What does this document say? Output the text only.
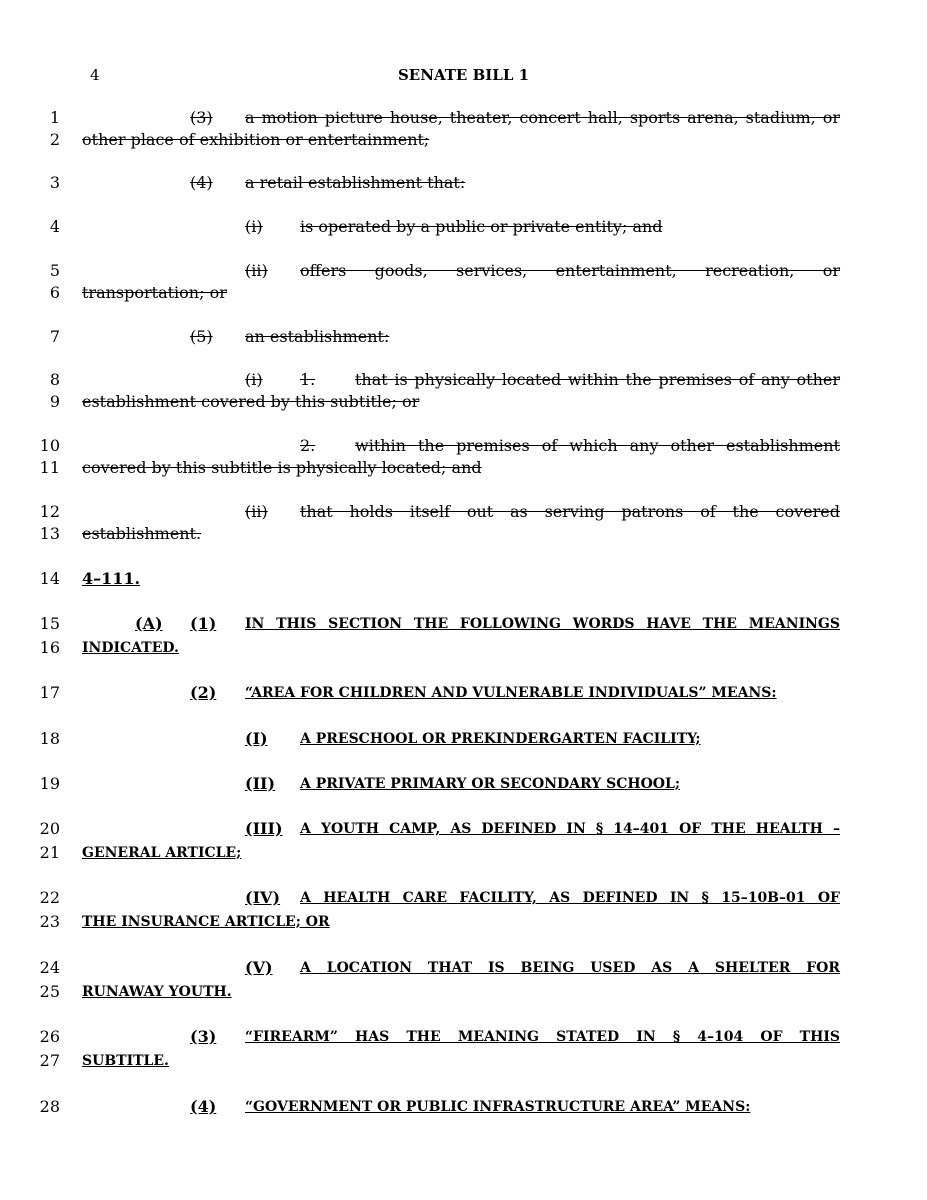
4	SENATE BILL 1
1	(3) a motion picture house, theater, concert hall, sports arena, stadium, or
2 other place of exhibition or entertainment;
3	(4) a retail establishment that:
4	(i) is operated by a public or private entity; and
5	(ii) offers goods, services, entertainment, recreation, or
6 transportation; or
7	(5) an establishment:
8	(i) 1. that is physically located within the premises of any other
9 establishment covered by this subtitle; or
10	2. within the premises of which any other establishment
11 covered by this subtitle is physically located; and
12	(ii) that holds itself out as serving patrons of the covered
13 establishment.
14 4–111.
15	(A) (1) IN THIS SECTION THE FOLLOWING WORDS HAVE THE MEANINGS
16 INDICATED.
17	(2) “AREA FOR CHILDREN AND VULNERABLE INDIVIDUALS” MEANS:
18	(I) A PRESCHOOL OR PREKINDERGARTEN FACILITY;
19	(II) A PRIVATE PRIMARY OR SECONDARY SCHOOL;
20	(III) A YOUTH CAMP, AS DEFINED IN § 14–401 OF THE HEALTH –
21 GENERAL ARTICLE;
22	(IV) A HEALTH CARE FACILITY, AS DEFINED IN § 15–10B–01 OF
23 THE INSURANCE ARTICLE; OR
24	(V) A LOCATION THAT IS BEING USED AS A SHELTER FOR
25 RUNAWAY YOUTH.
26	(3) “FIREARM” HAS THE MEANING STATED IN § 4–104 OF THIS
27 SUBTITLE.
28	(4) “GOVERNMENT OR PUBLIC INFRASTRUCTURE AREA” MEANS:
